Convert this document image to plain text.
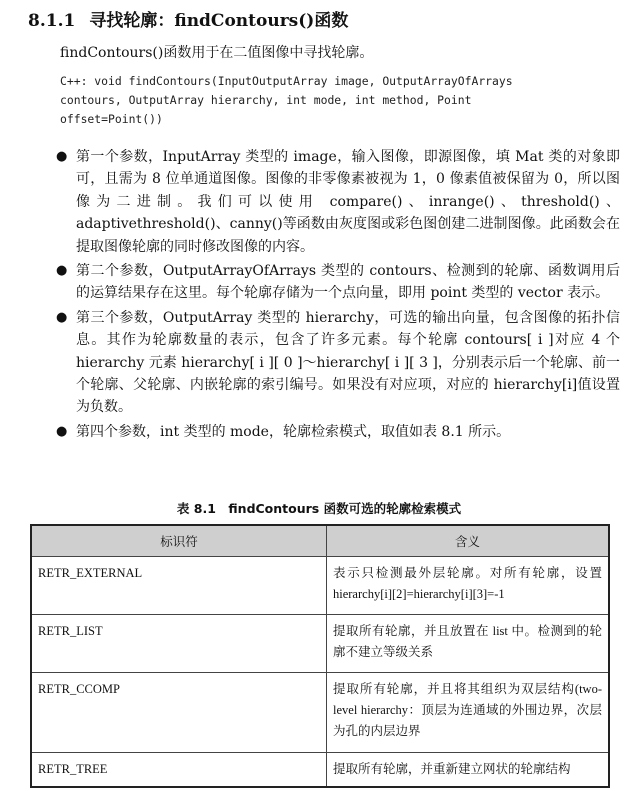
8.1.1 寻找轮廓：findContours()函数
findContours()函数用于在二值图像中寻找轮廓。
C++: void findContours(InputOutputArray image, OutputArrayOfArrays
contours, OutputArray hierarchy, int mode, int method, Point
offset=Point())
● 第一个参数，InputArray 类型的 image，输入图像，即源图像，填 Mat 类的对象即可，且需为 8 位单通道图像。图像的非零像素被视为 1，0 像素值被保留为 0，所以图像为二进制。我们可以使用 compare()、inrange()、threshold()、adaptivethreshold()、canny()等函数由灰度图或彩色图创建二进制图像。此函数会在提取图像轮廓的同时修改图像的内容。
● 第二个参数，OutputArrayOfArrays 类型的 contours、检测到的轮廓、函数调用后的运算结果存在这里。每个轮廓存储为一个点向量，即用 point 类型的 vector 表示。
● 第三个参数，OutputArray 类型的 hierarchy，可选的输出向量，包含图像的拓扑信息。其作为轮廓数量的表示，包含了许多元素。每个轮廓 contours[ i ]对应 4 个 hierarchy 元素 hierarchy[ i ][ 0 ]～hierarchy[ i ][ 3 ]，分别表示后一个轮廓、前一个轮廓、父轮廓、内嵌轮廓的索引编号。如果没有对应项，对应的 hierarchy[i]值设置为负数。
● 第四个参数，int 类型的 mode，轮廓检索模式，取值如表 8.1 所示。
表 8.1　findContours 函数可选的轮廓检索模式
标识符	含义
RETR_EXTERNAL	表示只检测最外层轮廓。对所有轮廓，设置 hierarchy[i][2]=hierarchy[i][3]=-1
RETR_LIST	提取所有轮廓，并且放置在 list 中。检测到的轮廓不建立等级关系
RETR_CCOMP	提取所有轮廓，并且将其组织为双层结构(two-level hierarchy：顶层为连通域的外围边界，次层为孔的内层边界
RETR_TREE	提取所有轮廓，并重新建立网状的轮廓结构
